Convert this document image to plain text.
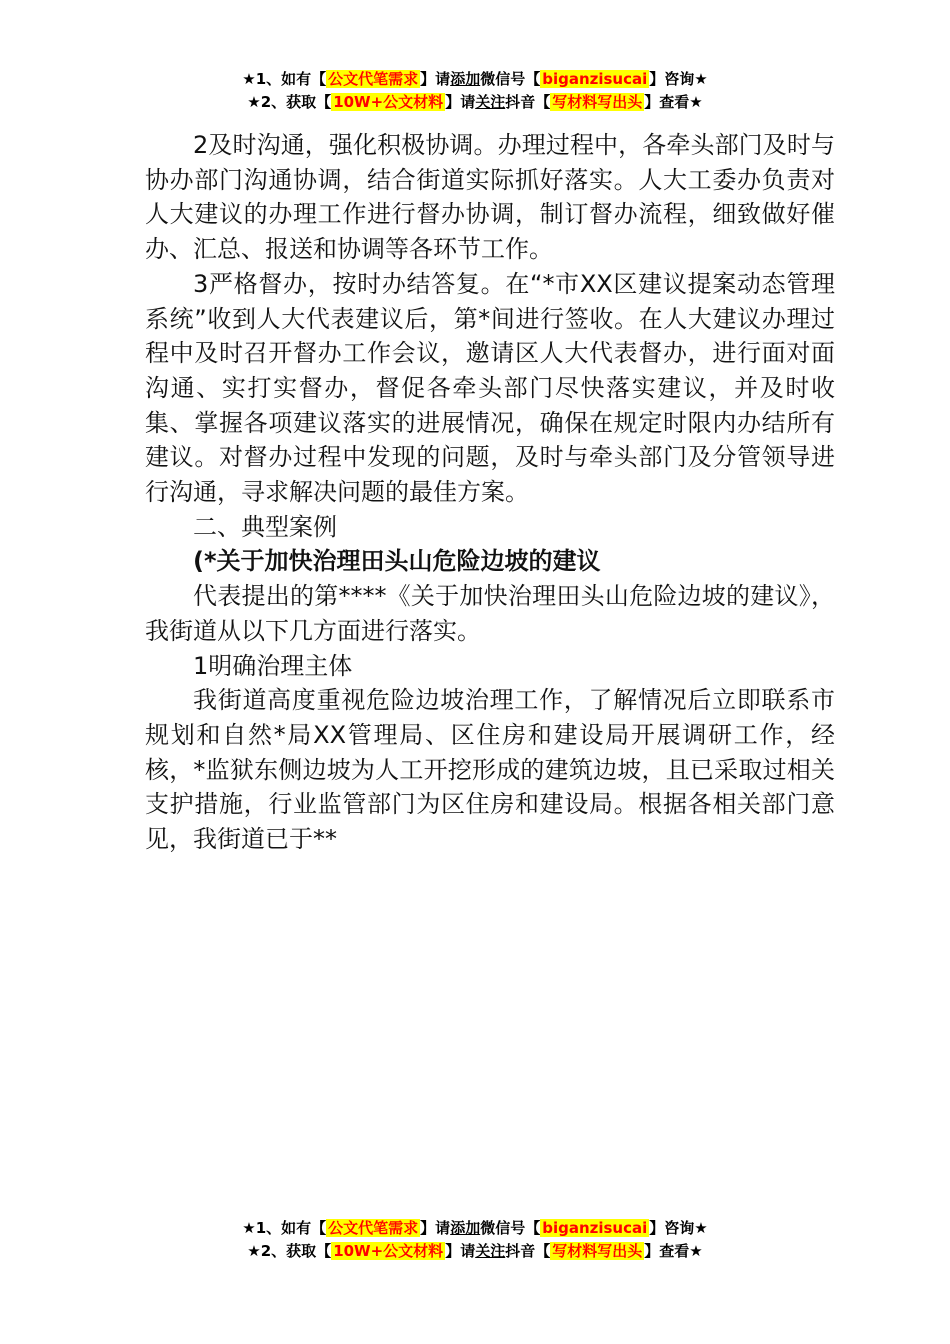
★1、如有【 公文代笔需求 】请添加微信号【 biganzisucai 】咨询★
★2、获取【 10W+公文材料 】请关注抖音【 写材料写出头 】查看★

2及时沟通，强化积极协调。办理过程中，各牵头部门及时与协办部门沟通协调，结合街道实际抓好落实。人大工委办负责对人大建议的办理工作进行督办协调，制订督办流程，细致做好催办、汇总、报送和协调等各环节工作。

3严格督办，按时办结答复。在“*市XX区建议提案动态管理系统”收到人大代表建议后，第*间进行签收。在人大建议办理过程中及时召开督办工作会议，邀请区人大代表督办，进行面对面沟通、实打实督办，督促各牵头部门尽快落实建议，并及时收集、掌握各项建议落实的进展情况，确保在规定时限内办结所有建议。对督办过程中发现的问题，及时与牵头部门及分管领导进行沟通，寻求解决问题的最佳方案。

二、典型案例

(*关于加快治理田头山危险边坡的建议

代表提出的第****《关于加快治理田头山危险边坡的建议》，我街道从以下几方面进行落实。

1明确治理主体

我街道高度重视危险边坡治理工作，了解情况后立即联系市规划和自然*局XX管理局、区住房和建设局开展调研工作，经核，*监狱东侧边坡为人工开挖形成的建筑边坡，且已采取过相关支护措施，行业监管部门为区住房和建设局。根据各相关部门意见，我街道已于**

★1、如有【 公文代笔需求 】请添加微信号【 biganzisucai 】咨询★
★2、获取【 10W+公文材料 】请关注抖音【 写材料写出头 】查看★
